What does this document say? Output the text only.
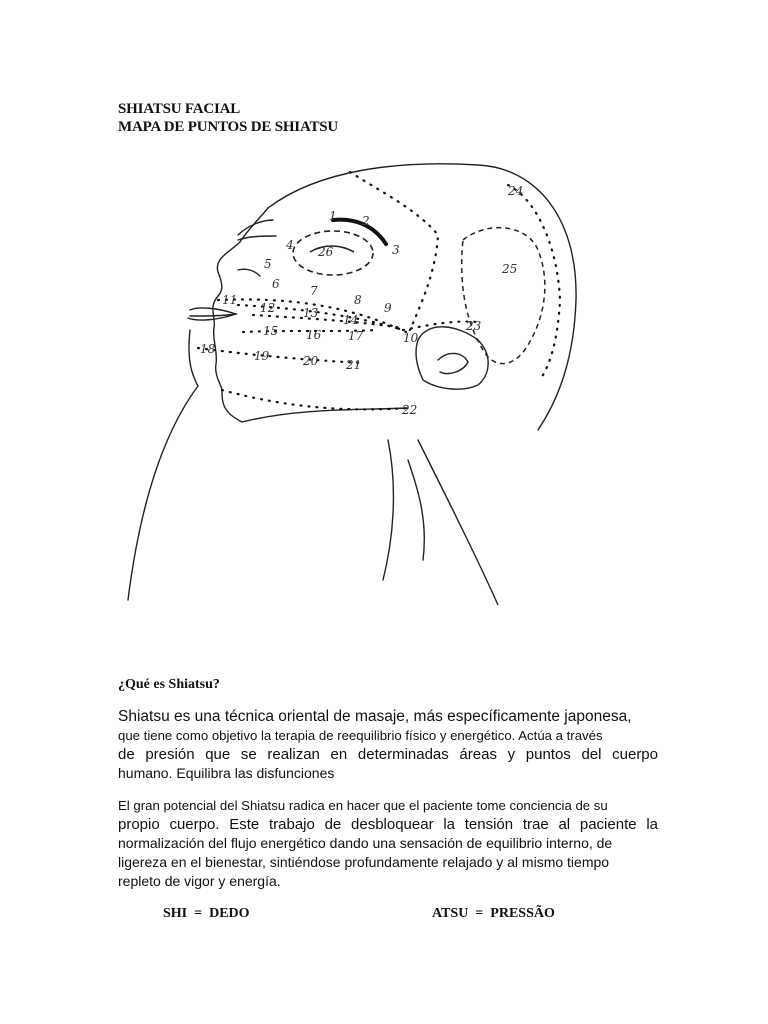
SHIATSU FACIAL
MAPA DE PUNTOS DE SHIATSU
1 2
3
4
5
6	7
8
9
10
11
12 13 14
15 16 17
18	19	20 21
22
23
24
25
26
¿Qué es Shiatsu?
Shiatsu es una técnica oriental de masaje, más específicamente japonesa,
que tiene como objetivo la terapia de reequilibrio físico y energético. Actúa a través
de presión que se realizan en determinadas áreas y puntos del cuerpo
humano. Equilibra las disfunciones
El gran potencial del Shiatsu radica en hacer que el paciente tome conciencia de su
propio cuerpo. Este trabajo de desbloquear la tensión trae al paciente la
normalización del flujo energético dando una sensación de equilibrio interno, de
ligereza en el bienestar, sintiéndose profundamente relajado y al mismo tiempo
repleto de vigor y energía.
SHI  =  DEDO	ATSU  =  PRESSÃO
